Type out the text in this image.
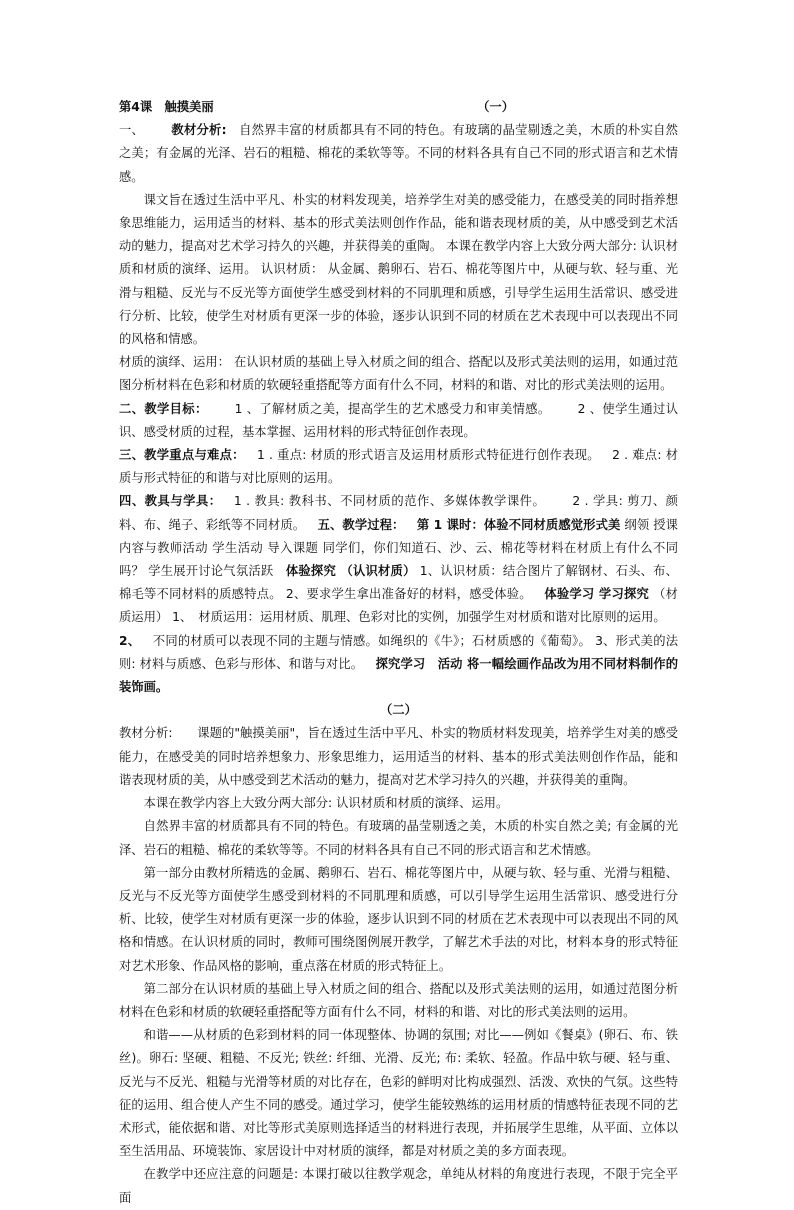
第4课　触摸美丽	（一）

一、 教材分析: 自然界丰富的材质都具有不同的特色。有玻璃的晶莹剔透之美，木质的朴实自然之美；有金属的光泽、岩石的粗糙、棉花的柔软等等。不同的材料各具有自己不同的形式语言和艺术情感。

课文旨在透过生活中平凡、朴实的材料发现美，培养学生对美的感受能力，在感受美的同时指养想象思维能力，运用适当的材料、基本的形式美法则创作作品，能和谐表现材质的美，从中感受到艺术活动的魅力，提高对艺术学习持久的兴趣，并获得美的重陶。 本课在教学内容上大致分两大部分: 认识材质和材质的演绎、运用。 认识材质： 从金属、鹅卵石、岩石、棉花等图片中，从硬与软、轻与重、光滑与粗糙、反光与不反光等方面使学生感受到材料的不同肌理和质感，引导学生运用生活常识、感受进行分析、比较，使学生对材质有更深一步的体验，逐步认识到不同的材质在艺术表现中可以表现出不同的风格和情感。

材质的演绎、运用： 在认识材质的基础上导入材质之间的组合、搭配以及形式美法则的运用，如通过范图分析材料在色彩和材质的软硬轻重搭配等方面有什么不同，材料的和谐、对比的形式美法则的运用。

二、教学目标： 1 、了解材质之美，提高学生的艺术感受力和审美情感。 2 、使学生通过认识、感受材质的过程，基本掌握、运用材料的形式特征创作表现。

三、教学重点与难点： 1 . 重点: 材质的形式语言及运用材质形式特征进行创作表现。 2 . 难点: 材质与形式特征的和谐与对比原则的运用。

四、教具与学具： 1 . 教具: 教科书、不同材质的范作、多媒体教学课件。 2 . 学具: 剪刀、颜料、布、绳子、彩纸等不同材质。 五、教学过程： 第 1 课时：体验不同材质感觉形式美 纲领 授课内容与教师活动 学生活动 导入课题 同学们，你们知道石、沙、云、棉花等材料在材质上有什么不同吗？ 学生展开讨论气氛活跃 体验探究 （认识材质） 1、认识材质：结合图片了解钢材、石头、布、棉毛等不同材料的质感特点。 2、要求学生拿出准备好的材料，感受体验。 体验学习 学习探究 （材质运用） 1、　材质运用：运用材质、肌理、色彩对比的实例，加强学生对材质和谐对比原则的运用。2、 不同的材质可以表现不同的主题与情感。如绳织的《牛》；石材质感的《葡萄》。 3、形式美的法则: 材料与质感、色彩与形体、和谐与对比。 探究学习　活动 将一幅绘画作品改为用不同材料制作的装饰画。

（二）

教材分析:　　课题的"触摸美丽"，旨在透过生活中平凡、朴实的物质材料发现美，培养学生对美的感受能力，在感受美的同时培养想象力、形象思维力，运用适当的材料、基本的形式美法则创作作品，能和谐表现材质的美，从中感受到艺术活动的魅力，提高对艺术学习持久的兴趣，并获得美的重陶。

本课在教学内容上大致分两大部分: 认识材质和材质的演绎、运用。

自然界丰富的材质都具有不同的特色。有玻璃的晶莹剔透之美，木质的朴实自然之美; 有金属的光泽、岩石的粗糙、棉花的柔软等等。不同的材料各具有自己不同的形式语言和艺术情感。

第一部分由教材所精选的金属、鹅卵石、岩石、棉花等图片中，从硬与软、轻与重、光滑与粗糙、反光与不反光等方面使学生感受到材料的不同肌理和质感，可以引导学生运用生活常识、感受进行分析、比较，使学生对材质有更深一步的体验，逐步认识到不同的材质在艺术表现中可以表现出不同的风格和情感。在认识材质的同时，教师可围绕图例展开教学，了解艺术手法的对比，材料本身的形式特征对艺术形象、作品风格的影响，重点落在材质的形式特征上。

第二部分在认识材质的基础上导入材质之间的组合、搭配以及形式美法则的运用，如通过范图分析材料在色彩和材质的软硬轻重搭配等方面有什么不同，材料的和谐、对比的形式美法则的运用。

和谐——从材质的色彩到材料的同一体现整体、协调的氛围; 对比——例如《餐桌》(卵石、布、铁丝)。卵石: 坚硬、粗糙、不反光; 铁丝: 纤细、光滑、反光; 布: 柔软、轻盈。作品中软与硬、轻与重、反光与不反光、粗糙与光滑等材质的对比存在，色彩的鲜明对比构成强烈、活泼、欢快的气氛。这些特征的运用、组合使人产生不同的感受。通过学习，使学生能较熟练的运用材质的情感特征表现不同的艺术形式，能依据和谐、对比等形式美原则选择适当的材料进行表现，并拓展学生思维，从平面、立体以至生活用品、环境装饰、家居设计中对材质的演绎，都是对材质之美的多方面表现。

在教学中还应注意的问题是: 本课打破以往教学观念，单纯从材料的角度进行表现，不限于完全平面
